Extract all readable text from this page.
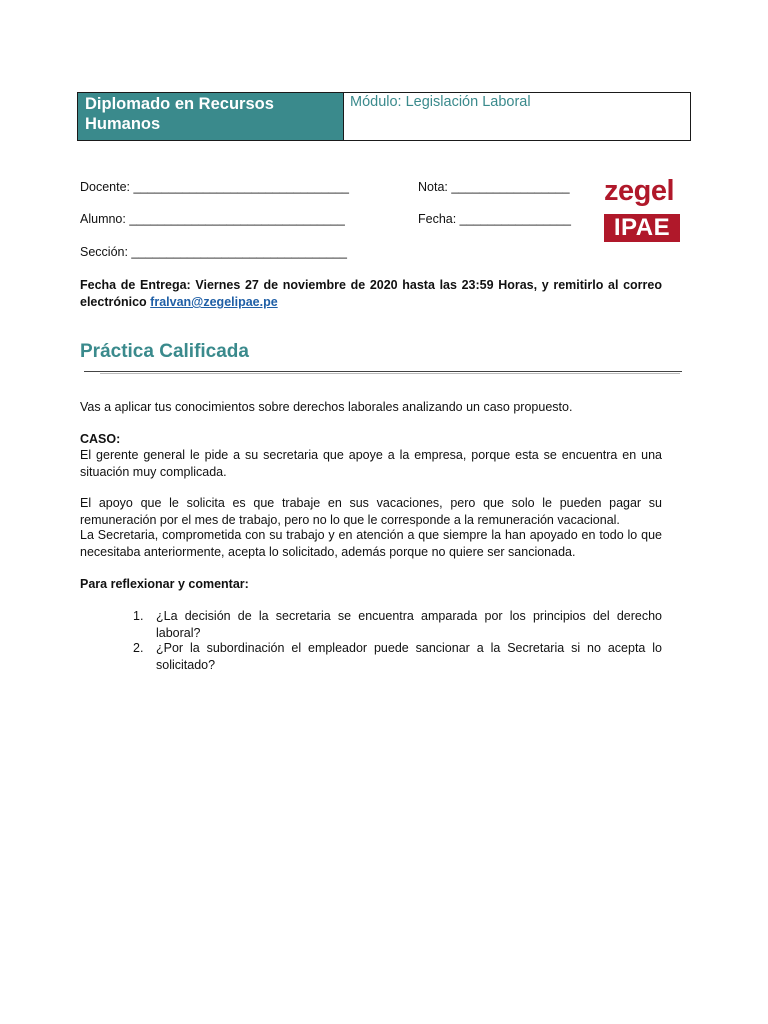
Diplomado en Recursos Humanos
Módulo: Legislación Laboral
Docente: _______________________________	Nota: _________________
Alumno: _______________________________	Fecha: ________________
Sección: _______________________________
zegel
IPAE
Fecha de Entrega: Viernes 27 de noviembre de 2020 hasta las 23:59 Horas, y remitirlo al correo electrónico fralvan@zegelipae.pe
Práctica Calificada
Vas a aplicar tus conocimientos sobre derechos laborales analizando un caso propuesto.
CASO:
El gerente general le pide a su secretaria que apoye a la empresa, porque esta se encuentra en una situación muy complicada.
El apoyo que le solicita es que trabaje en sus vacaciones, pero que solo le pueden pagar su remuneración por el mes de trabajo, pero no lo que le corresponde a la remuneración vacacional.
La Secretaria, comprometida con su trabajo y en atención a que siempre la han apoyado en todo lo que necesitaba anteriormente, acepta lo solicitado, además porque no quiere ser sancionada.
Para reflexionar y comentar:
1. ¿La decisión de la secretaria se encuentra amparada por los principios del derecho laboral?
2. ¿Por la subordinación el empleador puede sancionar a la Secretaria si no acepta lo solicitado?
